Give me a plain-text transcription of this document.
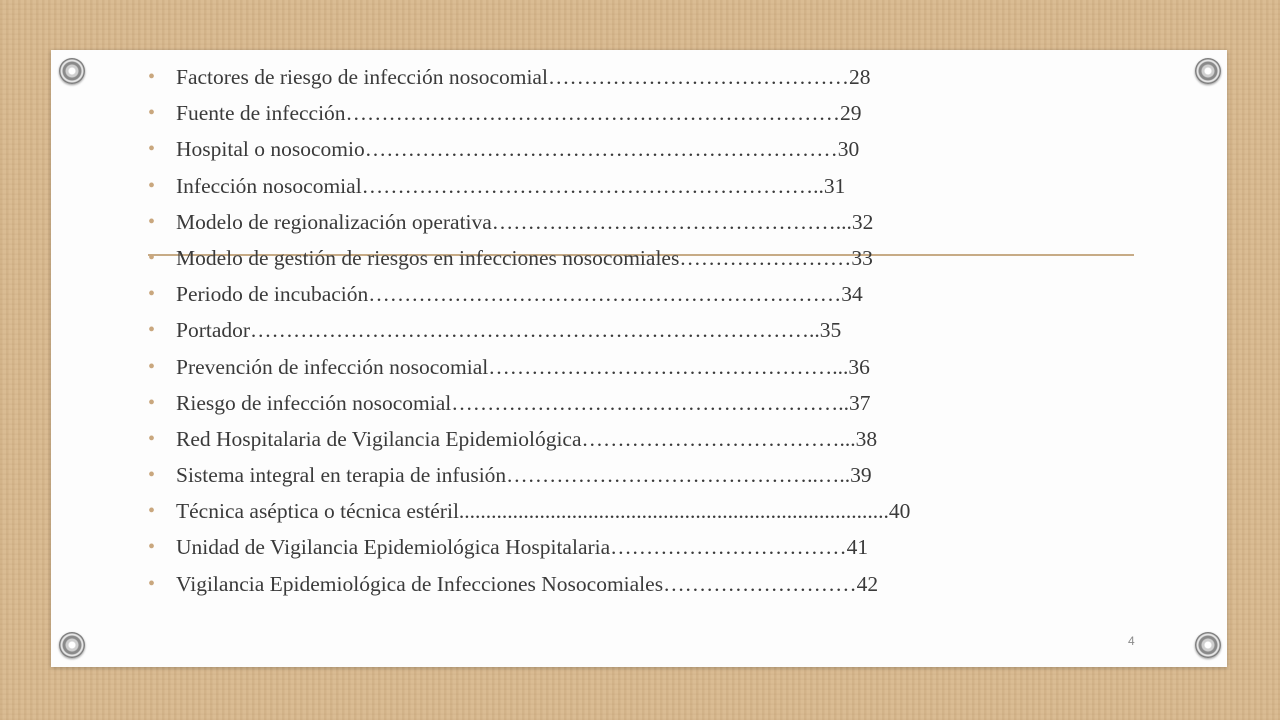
• Factores de riesgo de infección nosocomial……………………………………28
• Fuente de infección……………………………………………………………29
• Hospital o nosocomio…………………………………………………………30
• Infección nosocomial………………………………………………………..31
• Modelo de regionalización operativa…………………………………………...32
• Modelo de gestión de riesgos en infecciones nosocomiales……………………33
• Periodo de incubación…………………………………………………………34
• Portador……………………………………………………………………..35
• Prevención de infección nosocomial…………………………………………...36
• Riesgo de infección nosocomial………………………………………………..37
• Red Hospitalaria de Vigilancia Epidemiológica………………………………...38
• Sistema integral en terapia de infusión……………………………………..…..39
• Técnica aséptica o técnica estéril................................................................................40
• Unidad de Vigilancia Epidemiológica Hospitalaria……………………………41
• Vigilancia Epidemiológica de Infecciones Nosocomiales………………………42
4
